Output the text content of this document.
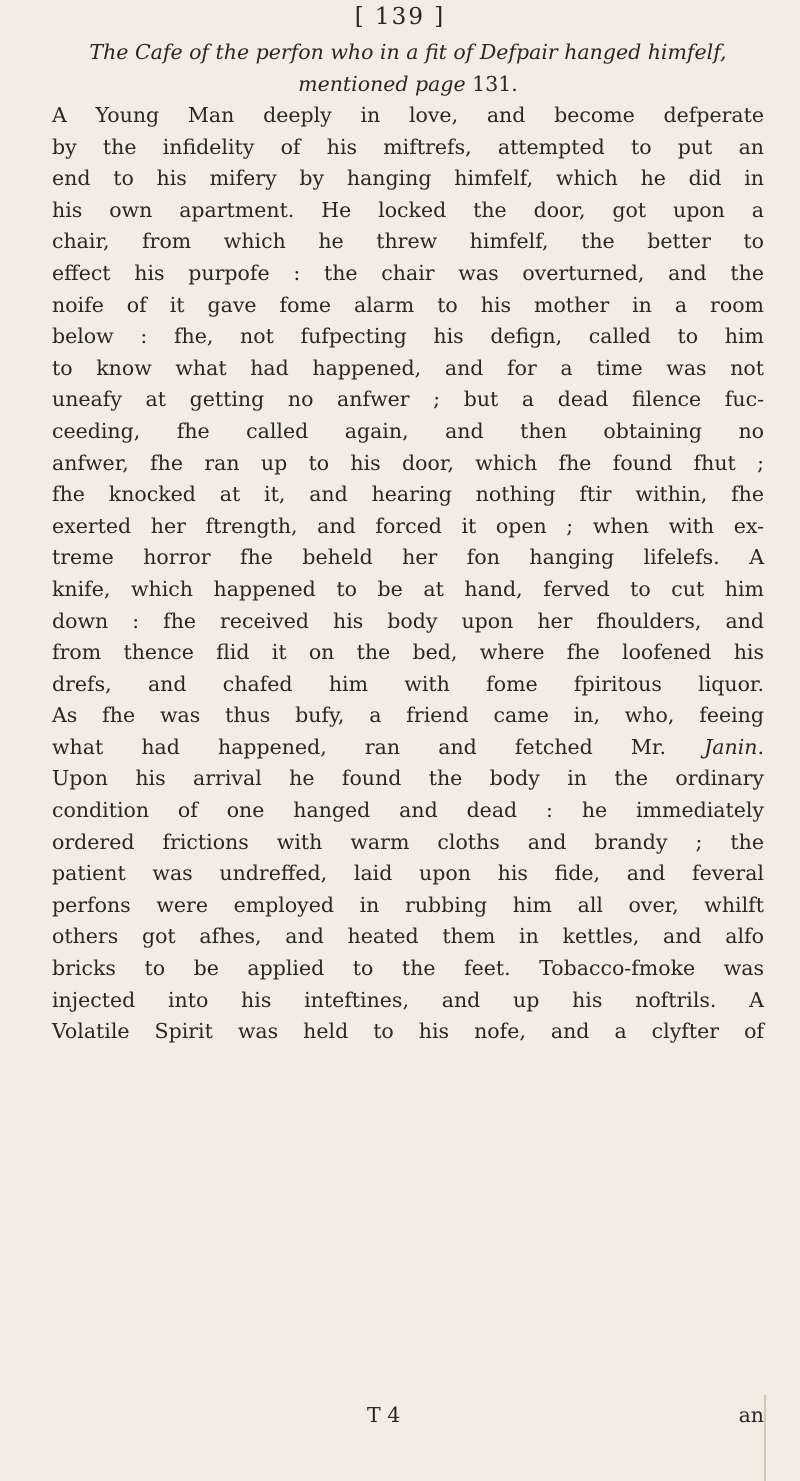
[ 139 ]
The Cafe of the perfon who in a fit of Defpair hanged himfelf, mentioned page 131.
A Young Man deeply in love, and become defperate
by the infidelity of his miftrefs, attempted to put an
end to his mifery by hanging himfelf, which he did in
his own apartment. He locked the door, got upon a
chair, from which he threw himfelf, the better to
effect his purpofe : the chair was overturned, and the
noife of it gave fome alarm to his mother in a room
below : fhe, not fufpecting his defign, called to him
to know what had happened, and for a time was not
uneafy at getting no anfwer ; but a dead filence fuc-
ceeding, fhe called again, and then obtaining no
anfwer, fhe ran up to his door, which fhe found fhut ;
fhe knocked at it, and hearing nothing ftir within, fhe
exerted her ftrength, and forced it open ; when with ex-
treme horror fhe beheld her fon hanging lifelefs. A
knife, which happened to be at hand, ferved to cut him
down : fhe received his body upon her fhoulders, and
from thence flid it on the bed, where fhe loofened his
drefs, and chafed him with fome fpiritous liquor.
As fhe was thus bufy, a friend came in, who, feeing
what had happened, ran and fetched Mr. Janin.
Upon his arrival he found the body in the ordinary
condition of one hanged and dead : he immediately
ordered frictions with warm cloths and brandy ; the
patient was undreffed, laid upon his fide, and feveral
perfons were employed in rubbing him all over, whilft
others got afhes, and heated them in kettles, and alfo
bricks to be applied to the feet. Tobacco-fmoke was
injected into his inteftines, and up his noftrils. A
Volatile Spirit was held to his nofe, and a clyfter of
T 4	an
